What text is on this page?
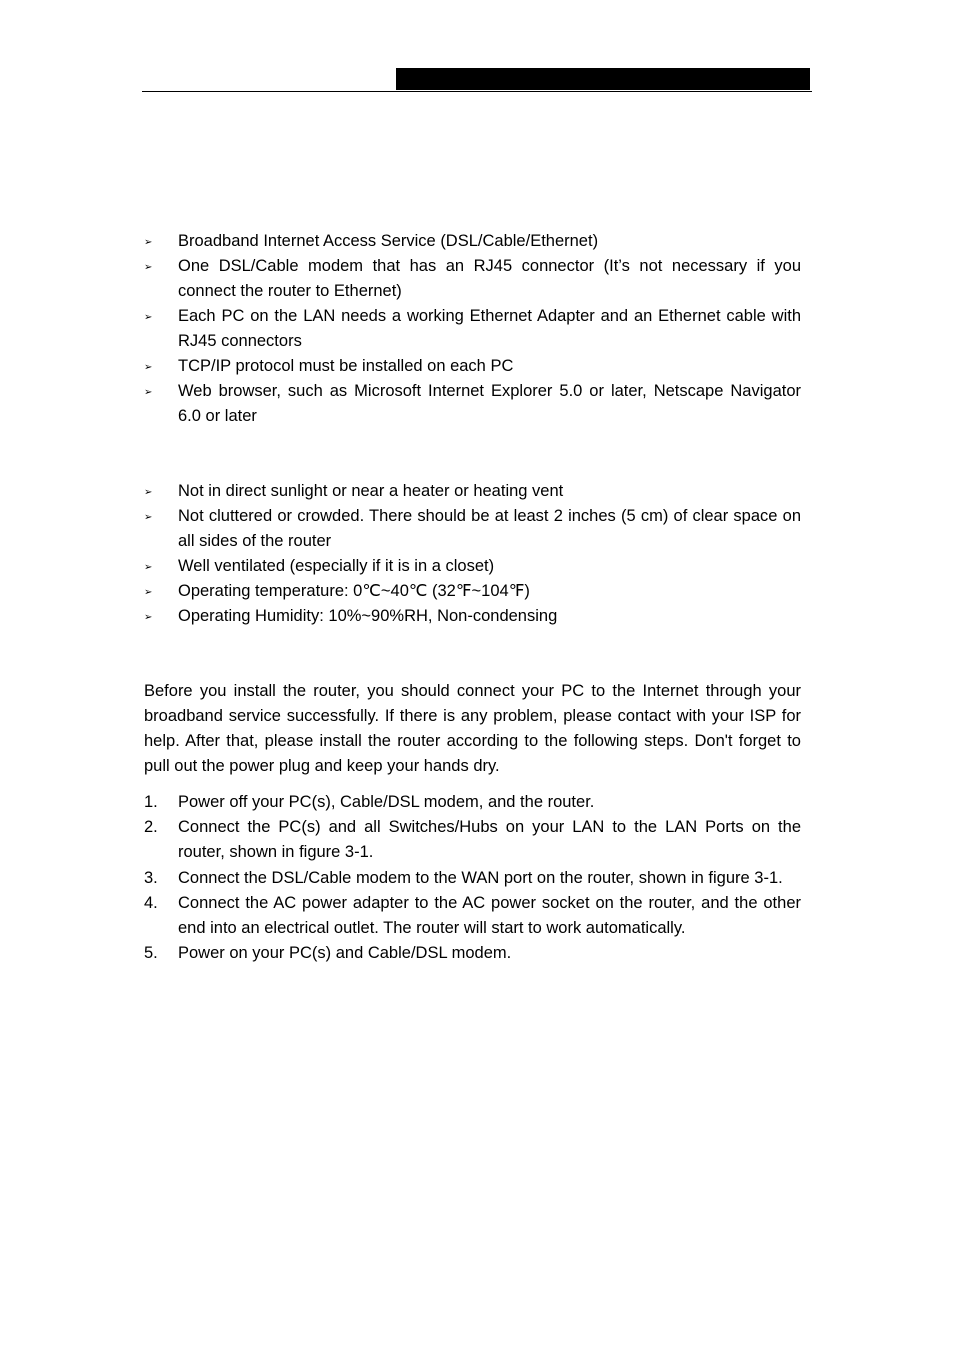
➢	Broadband Internet Access Service (DSL/Cable/Ethernet)
➢	One DSL/Cable modem that has an RJ45 connector (It’s not necessary if you connect the router to Ethernet)
➢	Each PC on the LAN needs a working Ethernet Adapter and an Ethernet cable with RJ45 connectors
➢	TCP/IP protocol must be installed on each PC
➢	Web browser, such as Microsoft Internet Explorer 5.0 or later, Netscape Navigator 6.0 or later
➢	Not in direct sunlight or near a heater or heating vent
➢	Not cluttered or crowded. There should be at least 2 inches (5 cm) of clear space on all sides of the router
➢	Well ventilated (especially if it is in a closet)
➢	Operating temperature: 0℃~40℃ (32℉~104℉)
➢	Operating Humidity: 10%~90%RH, Non-condensing

Before you install the router, you should connect your PC to the Internet through your broadband service successfully. If there is any problem, please contact with your ISP for help. After that, please install the router according to the following steps. Don't forget to pull out the power plug and keep your hands dry.

1. Power off your PC(s), Cable/DSL modem, and the router.
2. Connect the PC(s) and all Switches/Hubs on your LAN to the LAN Ports on the router, shown in figure 3-1.
3. Connect the DSL/Cable modem to the WAN port on the router, shown in figure 3-1.
4. Connect the AC power adapter to the AC power socket on the router, and the other end into an electrical outlet. The router will start to work automatically.
5. Power on your PC(s) and Cable/DSL modem.
